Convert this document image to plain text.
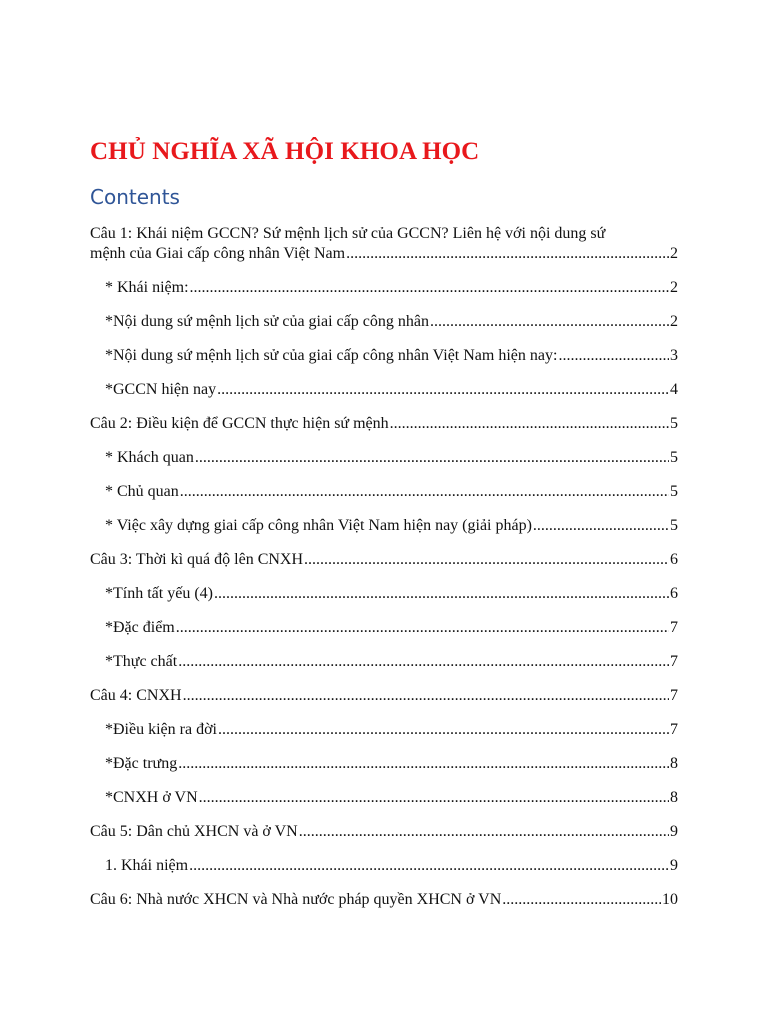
CHỦ NGHĨA XÃ HỘI KHOA HỌC
Contents
Câu 1: Khái niệm GCCN? Sứ mệnh lịch sử của GCCN? Liên hệ với nội dung sứ
mệnh của Giai cấp công nhân Việt Nam .....	2
* Khái niệm: .....	2
*Nội dung sứ mệnh lịch sử của giai cấp công nhân .....	2
*Nội dung sứ mệnh lịch sử của giai cấp công nhân Việt Nam hiện nay: .....	3
*GCCN hiện nay .....	4
Câu 2: Điều kiện để GCCN thực hiện sứ mệnh .....	5
* Khách quan .....	5
* Chủ quan .....	5
* Việc xây dựng giai cấp công nhân Việt Nam hiện nay (giải pháp) .....	5
Câu 3: Thời kì quá độ lên CNXH .....	6
*Tính tất yếu (4) .....	6
*Đặc điểm .....	7
*Thực chất .....	7
Câu 4: CNXH .....	7
*Điều kiện ra đời .....	7
*Đặc trưng .....	8
*CNXH ở VN .....	8
Câu 5: Dân chủ XHCN và ở VN .....	9
1. Khái niệm .....	9
Câu 6: Nhà nước XHCN và Nhà nước pháp quyền XHCN ở VN .....	10
